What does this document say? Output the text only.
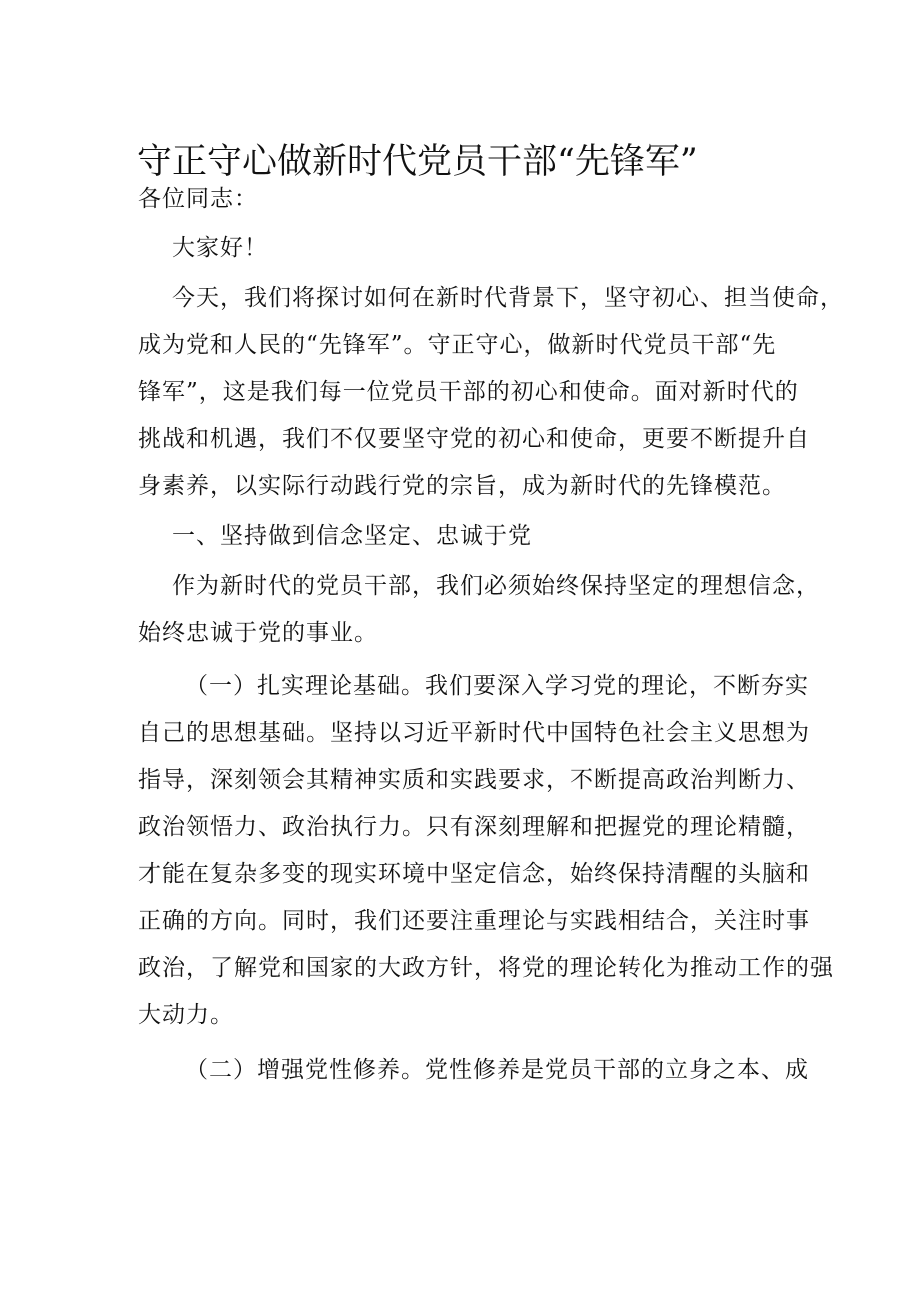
守正守心做新时代党员干部“先锋军”
各位同志：
大家好！
今天，我们将探讨如何在新时代背景下，坚守初心、担当使命，
成为党和人民的“先锋军”。守正守心，做新时代党员干部“先
锋军”，这是我们每一位党员干部的初心和使命。面对新时代的
挑战和机遇，我们不仅要坚守党的初心和使命，更要不断提升自
身素养，以实际行动践行党的宗旨，成为新时代的先锋模范。
一、坚持做到信念坚定、忠诚于党
作为新时代的党员干部，我们必须始终保持坚定的理想信念，
始终忠诚于党的事业。
（一）扎实理论基础。我们要深入学习党的理论，不断夯实
自己的思想基础。坚持以习近平新时代中国特色社会主义思想为
指导，深刻领会其精神实质和实践要求，不断提高政治判断力、
政治领悟力、政治执行力。只有深刻理解和把握党的理论精髓，
才能在复杂多变的现实环境中坚定信念，始终保持清醒的头脑和
正确的方向。同时，我们还要注重理论与实践相结合，关注时事
政治，了解党和国家的大政方针，将党的理论转化为推动工作的强
大动力。
（二）增强党性修养。党性修养是党员干部的立身之本、成
